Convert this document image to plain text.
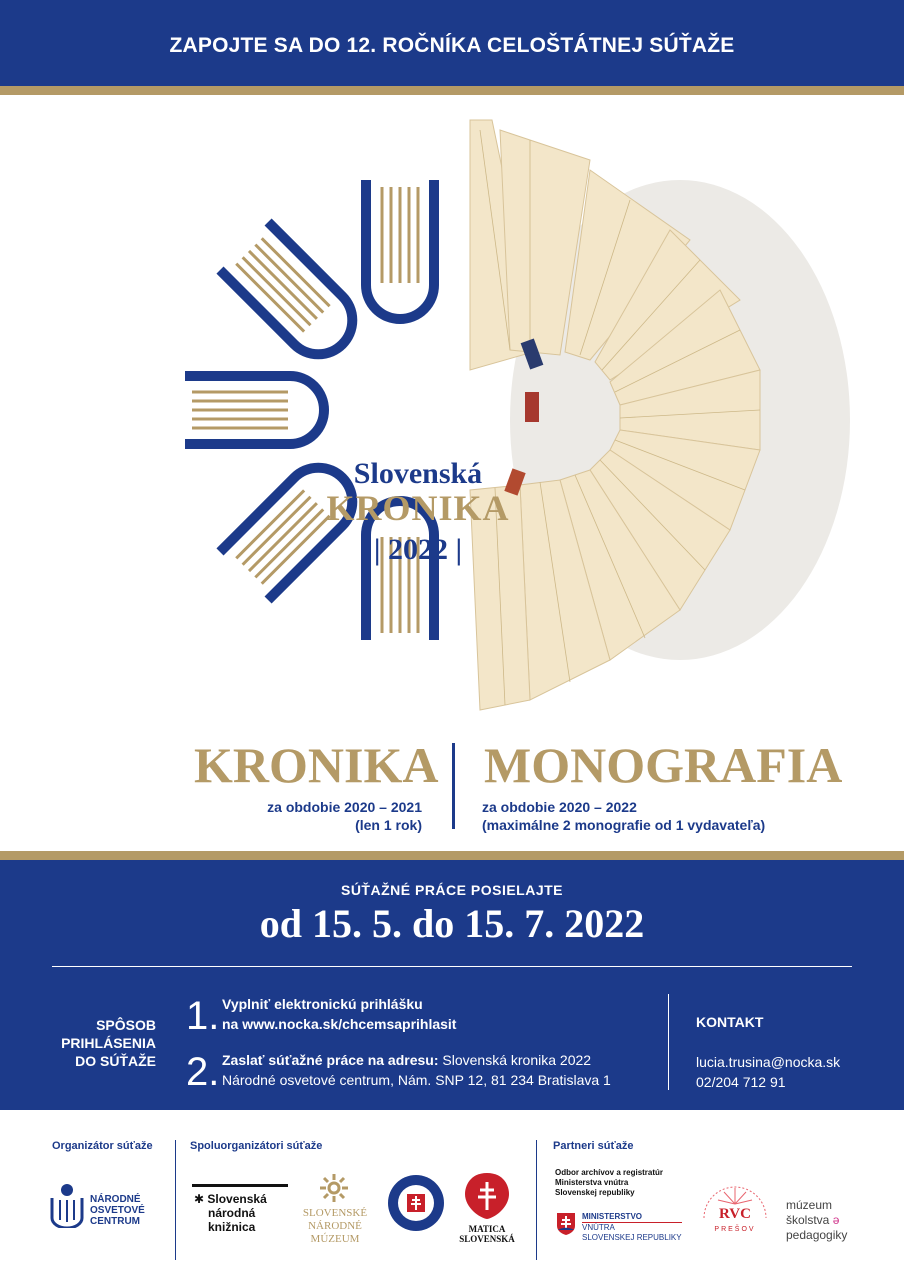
ZAPOJTE SA DO 12. ROČNÍKA CELOŠTÁTNEJ SÚŤAŽE
Slovenská
KRONIKA
| 2022 |
KRONIKA
za obdobie 2020 – 2021
(len 1 rok)
MONOGRAFIA
za obdobie 2020 – 2022
(maximálne 2 monografie od 1 vydavateľa)
SÚŤAŽNÉ PRÁCE POSIELAJTE
od 15. 5. do 15. 7. 2022
SPÔSOB
PRIHLÁSENIA
DO SÚŤAŽE
1. Vyplniť elektronickú prihlášku
na www.nocka.sk/chcemsaprihlasit
2. Zaslať súťažné práce na adresu: Slovenská kronika 2022
Národné osvetové centrum, Nám. SNP 12, 81 234 Bratislava 1
KONTAKT
lucia.trusina@nocka.sk
02/204 712 91
Organizátor súťaže	Spoluorganizátori súťaže	Partneri súťaže
NÁRODNÉ
OSVETOVÉ
CENTRUM
✱ Slovenská
národná
knižnica
SLOVENSKÉ
NÁRODNÉ
MÚZEUM
MATICA
SLOVENSKÁ
Odbor archívov a registratúr
Ministerstva vnútra
Slovenskej republiky
MINISTERSTVO
VNÚTRA
SLOVENSKEJ REPUBLIKY
RVC
PREŠOV
múzeum
školstva ə
pedagogiky
